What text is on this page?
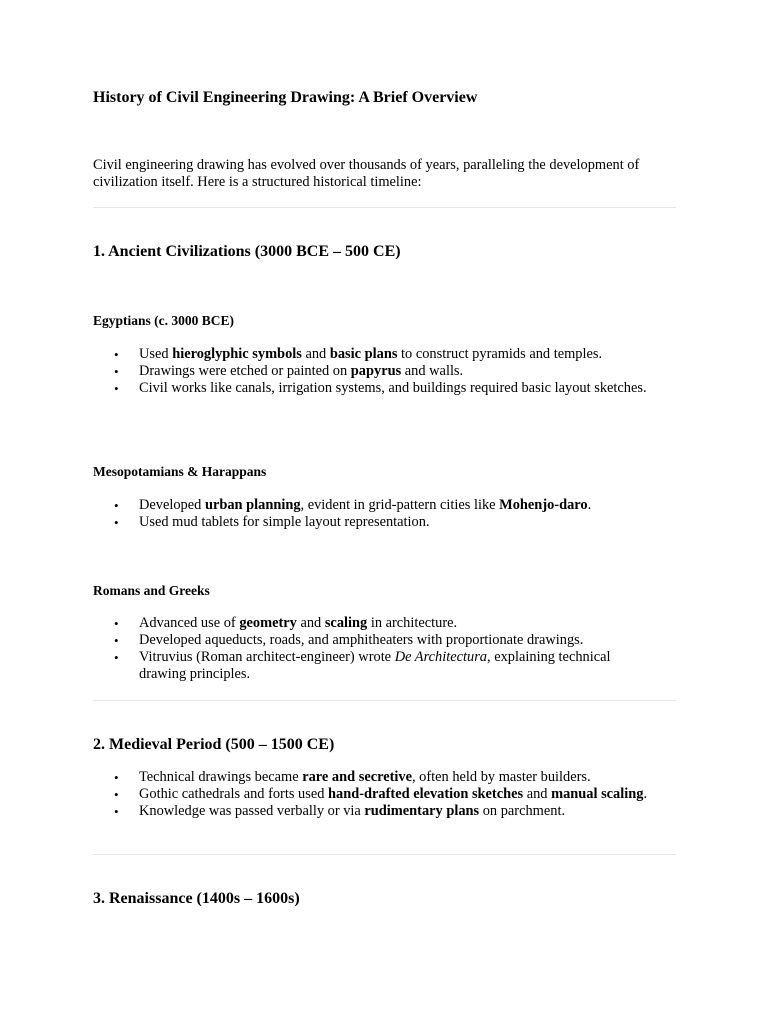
History of Civil Engineering Drawing: A Brief Overview

Civil engineering drawing has evolved over thousands of years, paralleling the development of civilization itself. Here is a structured historical timeline:

1. Ancient Civilizations (3000 BCE – 500 CE)
Egyptians (c. 3000 BCE)
• Used hieroglyphic symbols and basic plans to construct pyramids and temples.
• Drawings were etched or painted on papyrus and walls.
• Civil works like canals, irrigation systems, and buildings required basic layout sketches.
Mesopotamians & Harappans
• Developed urban planning, evident in grid-pattern cities like Mohenjo-daro.
• Used mud tablets for simple layout representation.
Romans and Greeks
• Advanced use of geometry and scaling in architecture.
• Developed aqueducts, roads, and amphitheaters with proportionate drawings.
• Vitruvius (Roman architect-engineer) wrote De Architectura, explaining technical drawing principles.
2. Medieval Period (500 – 1500 CE)
• Technical drawings became rare and secretive, often held by master builders.
• Gothic cathedrals and forts used hand-drafted elevation sketches and manual scaling.
• Knowledge was passed verbally or via rudimentary plans on parchment.
3. Renaissance (1400s – 1600s)
